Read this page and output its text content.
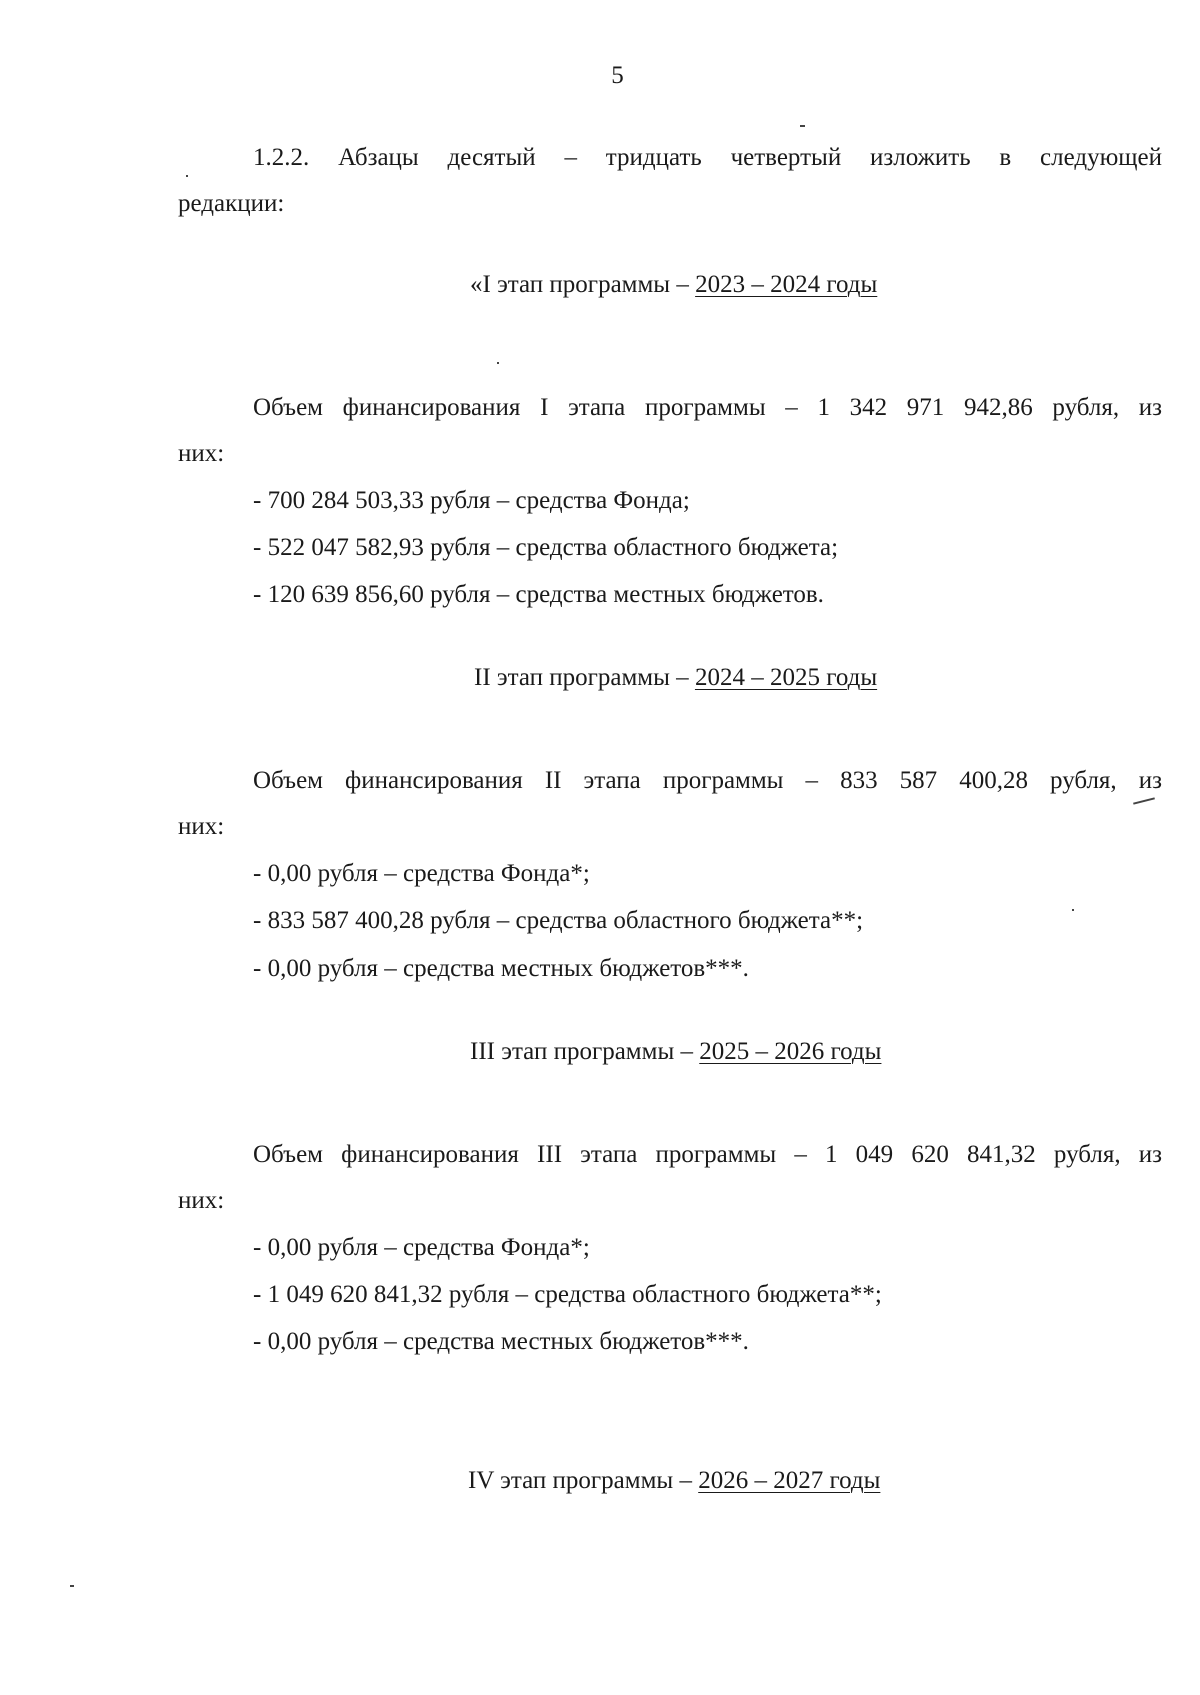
5
1.2.2. Абзацы десятый – тридцать четвертый изложить в следующей
редакции:
«I этап программы – 2023 – 2024 годы
Объем финансирования I этапа программы – 1 342 971 942,86 рубля, из
них:
- 700 284 503,33 рубля – средства Фонда;
- 522 047 582,93 рубля – средства областного бюджета;
- 120 639 856,60 рубля – средства местных бюджетов.
II этап программы – 2024 – 2025 годы
Объем финансирования II этапа программы – 833 587 400,28 рубля, из
них:
- 0,00 рубля – средства Фонда*;
- 833 587 400,28 рубля – средства областного бюджета**;
- 0,00 рубля – средства местных бюджетов***.
III этап программы – 2025 – 2026 годы
Объем финансирования III этапа программы – 1 049 620 841,32 рубля, из
них:
- 0,00 рубля – средства Фонда*;
- 1 049 620 841,32 рубля – средства областного бюджета**;
- 0,00 рубля – средства местных бюджетов***.
IV этап программы – 2026 – 2027 годы
